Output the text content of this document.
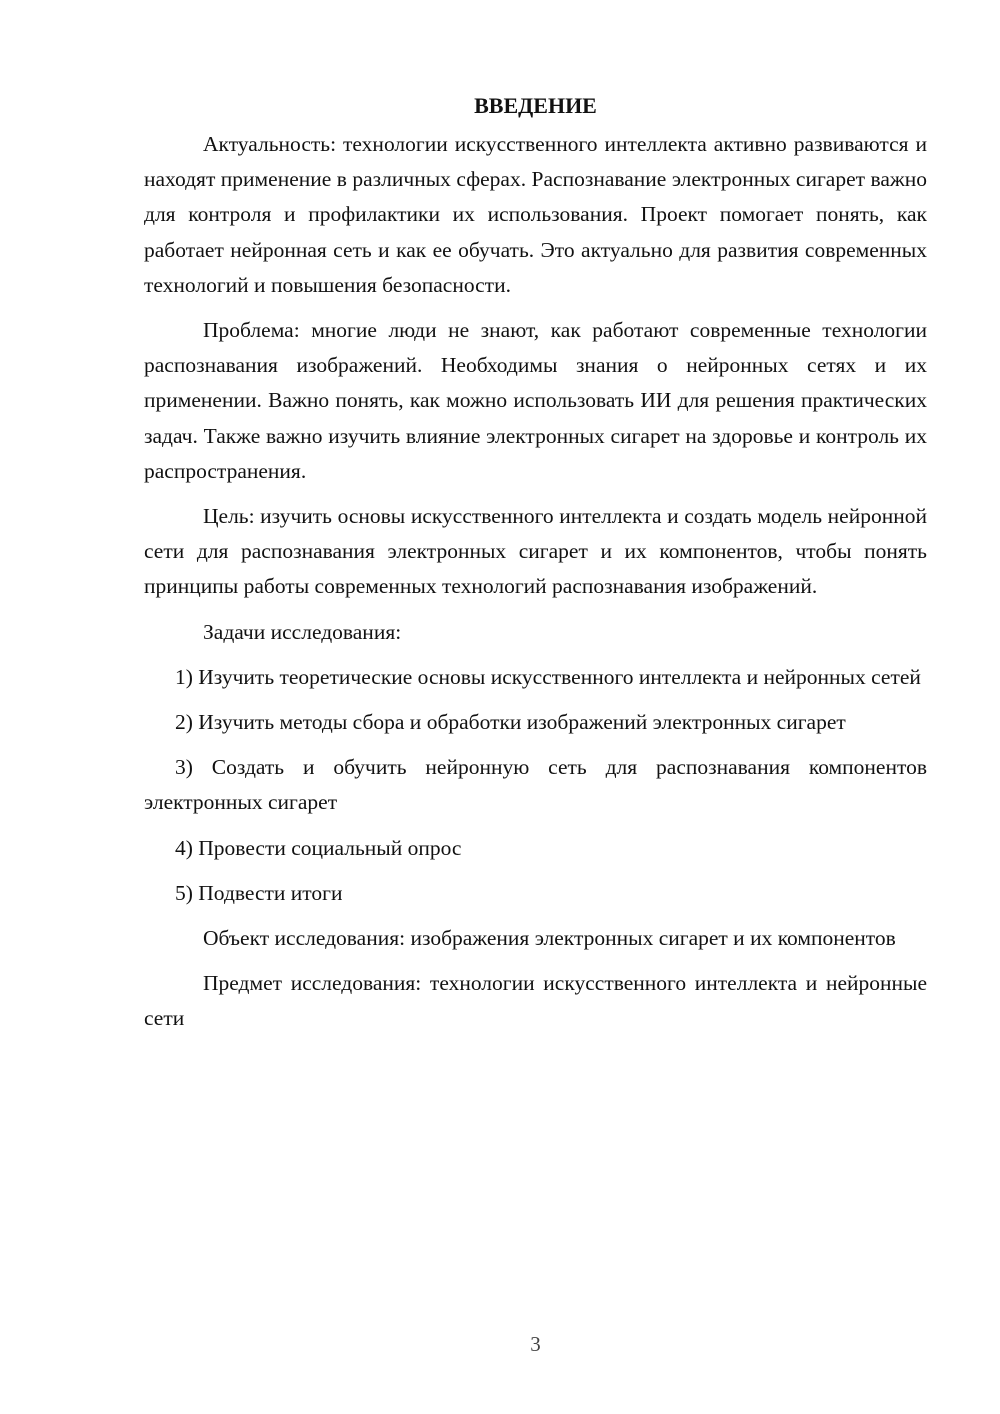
ВВЕДЕНИЕ

Актуальность: технологии искусственного интеллекта активно развиваются и находят применение в различных сферах. Распознавание электронных сигарет важно для контроля и профилактики их использования. Проект помогает понять, как работает нейронная сеть и как ее обучать. Это актуально для развития современных технологий и повышения безопасности.

Проблема: многие люди не знают, как работают современные технологии распознавания изображений. Необходимы знания о нейронных сетях и их применении. Важно понять, как можно использовать ИИ для решения практических задач. Также важно изучить влияние электронных сигарет на здоровье и контроль их распространения.

Цель: изучить основы искусственного интеллекта и создать модель нейронной сети для распознавания электронных сигарет и их компонентов, чтобы понять принципы работы современных технологий распознавания изображений.

Задачи исследования:

1) Изучить теоретические основы искусственного интеллекта и нейронных сетей

2) Изучить методы сбора и обработки изображений электронных сигарет

3) Создать и обучить нейронную сеть для распознавания компонентов электронных сигарет

4) Провести социальный опрос

5) Подвести итоги

Объект исследования: изображения электронных сигарет и их компонентов

Предмет исследования: технологии искусственного интеллекта и нейронные сети

3
